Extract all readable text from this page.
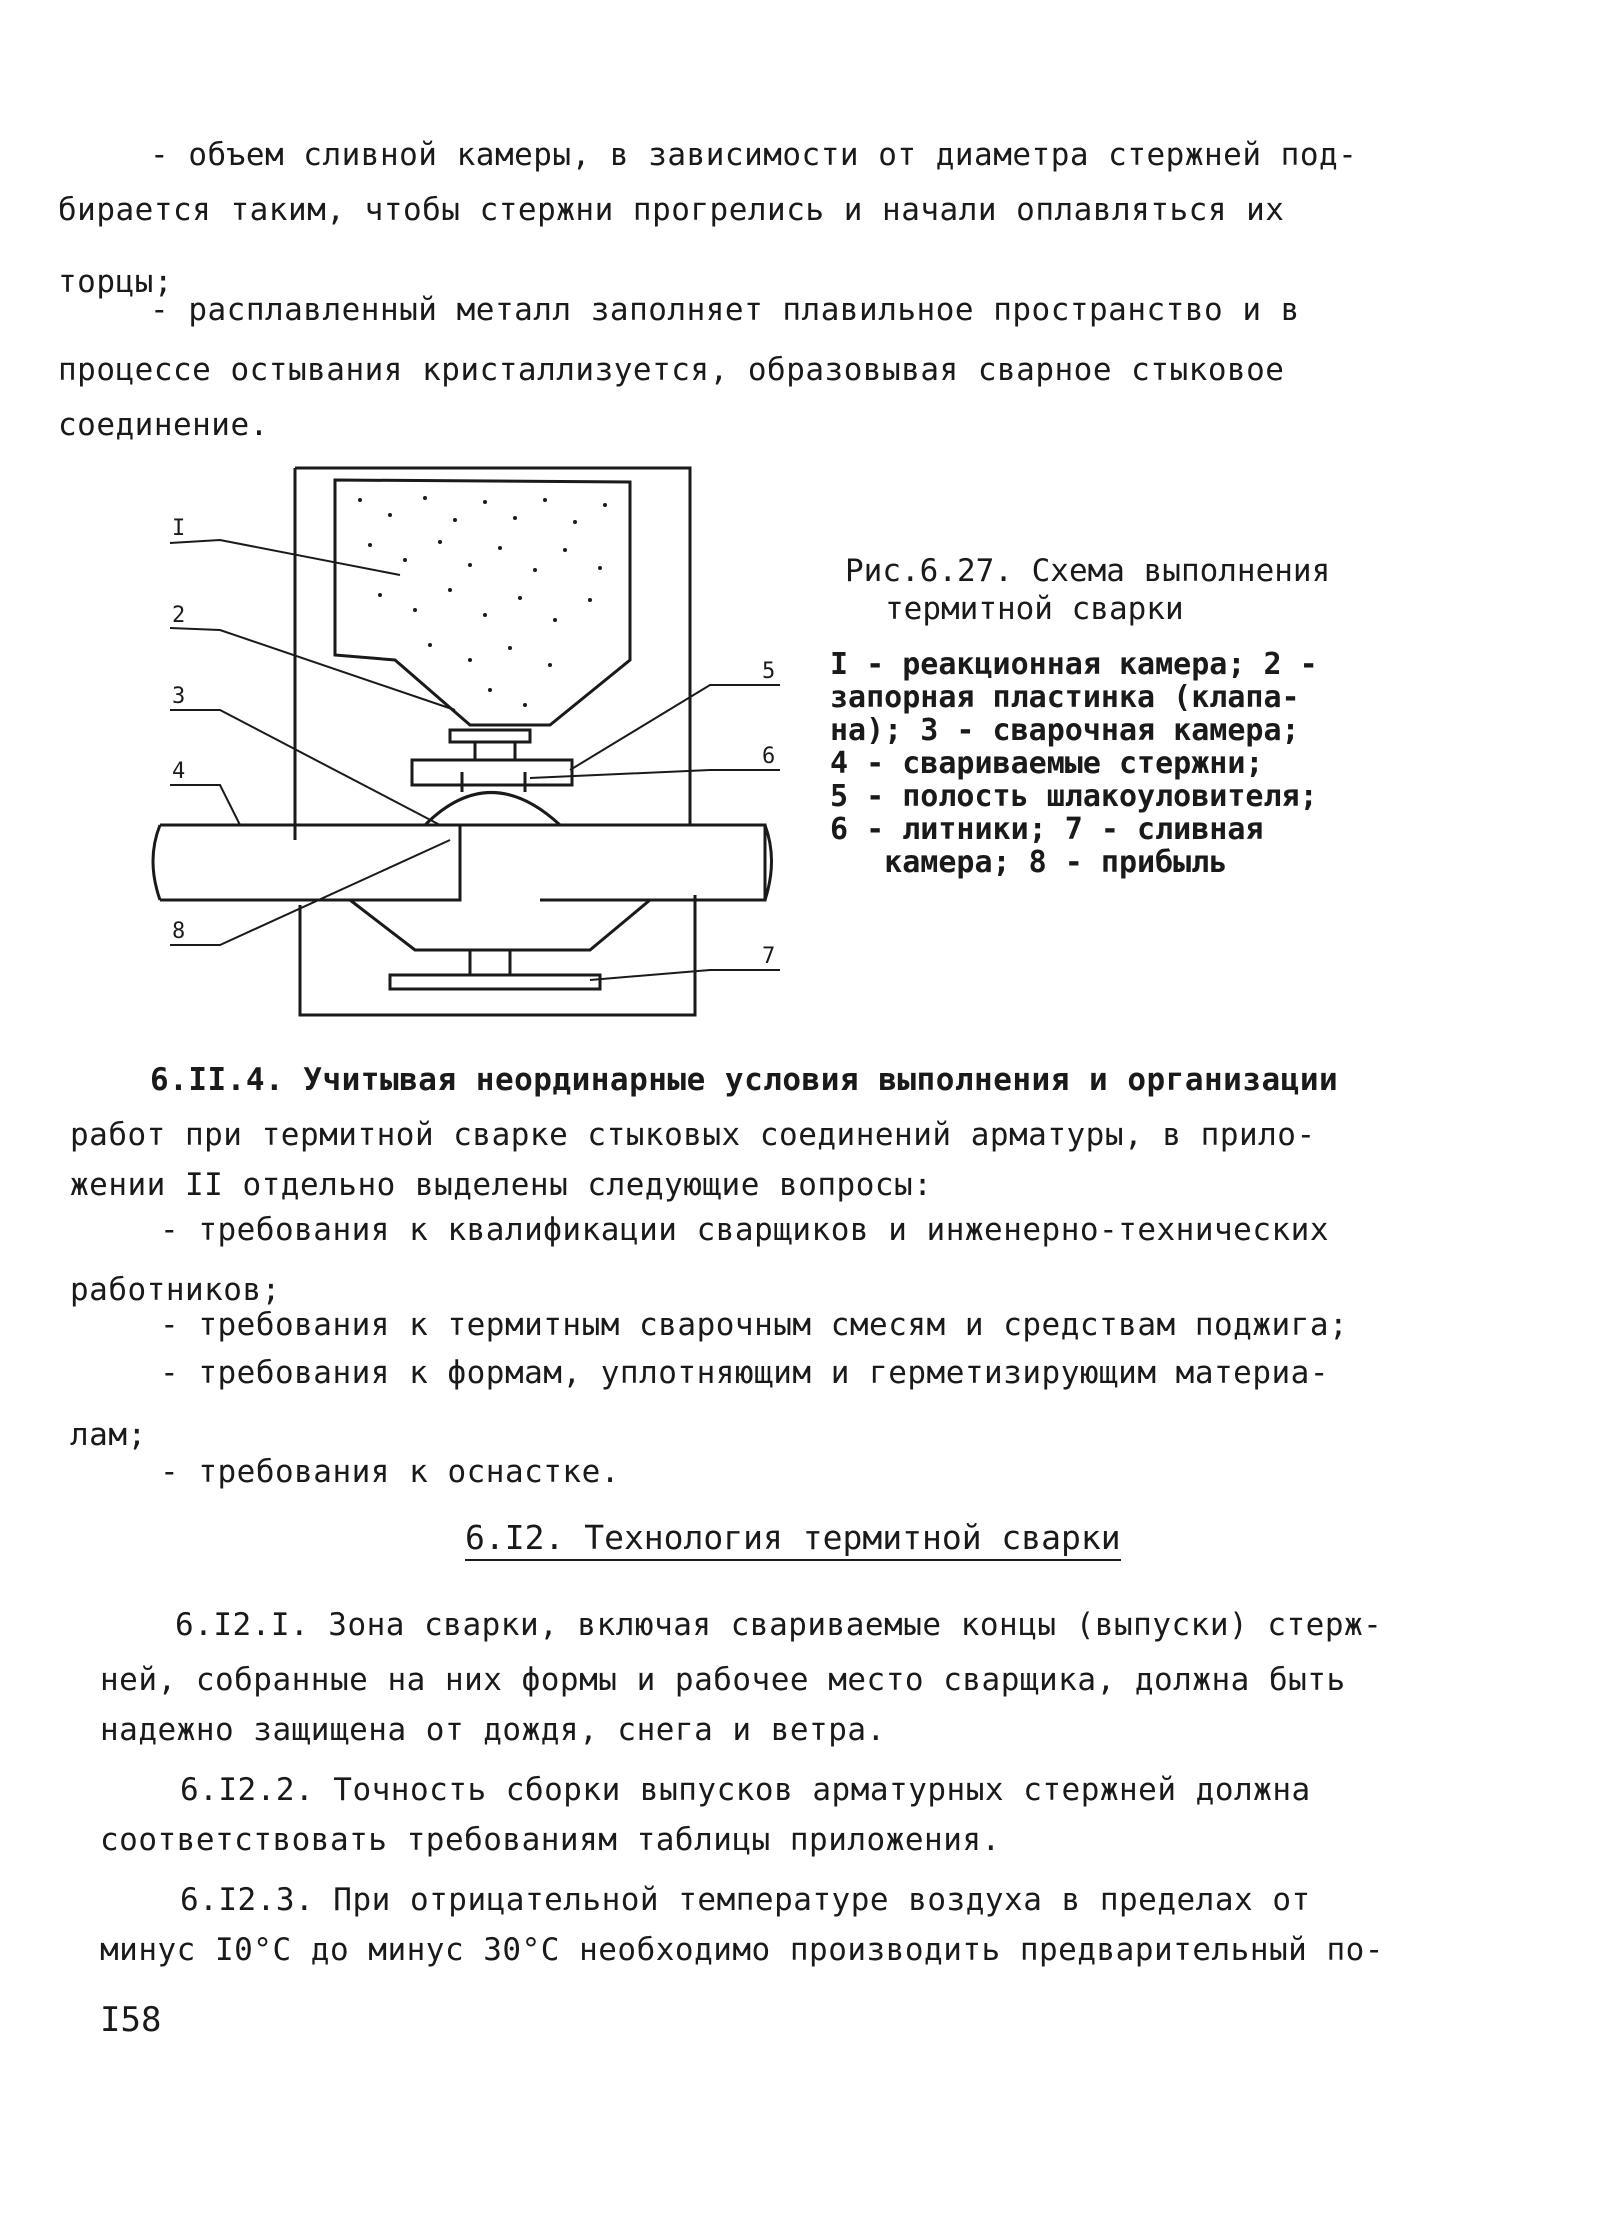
- объем сливной камеры, в зависимости от диаметра стержней под-
бирается таким, чтобы стержни прогрелись и начали оплавляться их
торцы;
- расплавленный металл заполняет плавильное пространство и в
процессе остывания кристаллизуется, образовывая сварное стыковое
соединение.
I
2
3
4
5
6
7
8
Рис.6.27. Схема выполнения
термитной сварки
I - реакционная камера; 2 -
запорная пластинка (клапа-
на); 3 - сварочная камера;
4 - свариваемые стержни;
5 - полость шлакоуловителя;
6 - литники; 7 - сливная
камера; 8 - прибыль
6.II.4. Учитывая неординарные условия выполнения и организации
работ при термитной сварке стыковых соединений арматуры, в прило-
жении II отдельно выделены следующие вопросы:
- требования к квалификации сварщиков и инженерно-технических
работников;
- требования к термитным сварочным смесям и средствам поджига;
- требования к формам, уплотняющим и герметизирующим материа-
лам;
- требования к оснастке.
6.I2. Технология термитной сварки
6.I2.I. Зона сварки, включая свариваемые концы (выпуски) стерж-
ней, собранные на них формы и рабочее место сварщика, должна быть
надежно защищена от дождя, снега и ветра.
6.I2.2. Точность сборки выпусков арматурных стержней должна
соответствовать требованиям таблицы приложения.
6.I2.3. При отрицательной температуре воздуха в пределах от
минус I0°C до минус 30°C необходимо производить предварительный по-
I58
